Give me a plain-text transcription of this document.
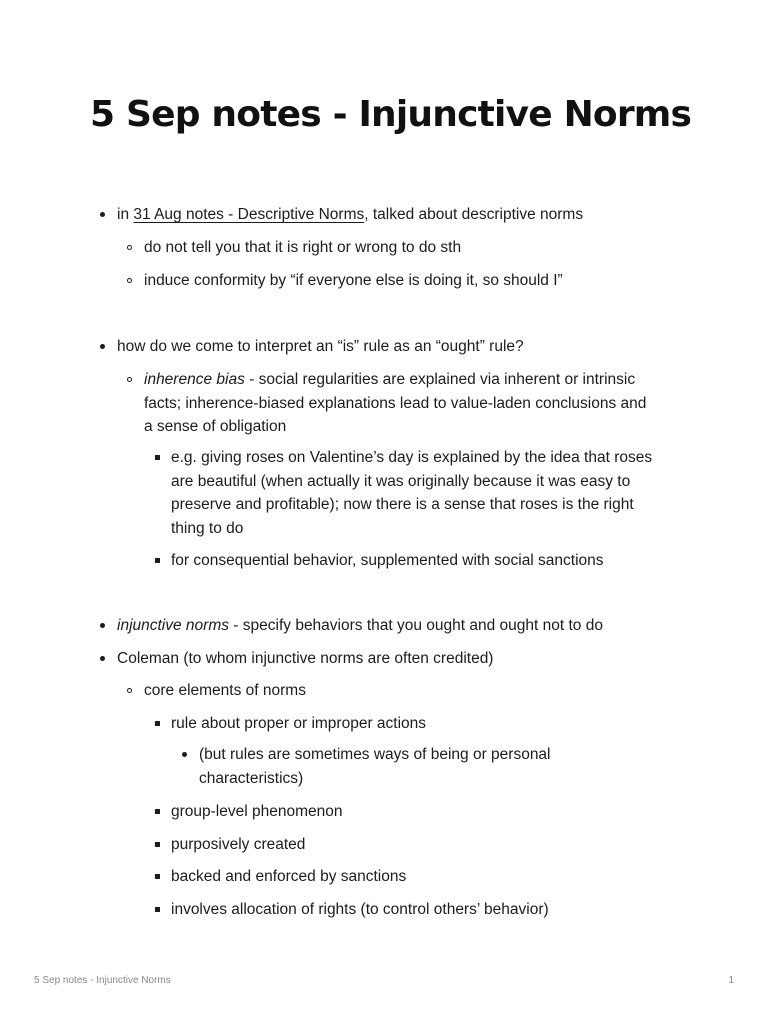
5 Sep notes - Injunctive Norms
in 31 Aug notes - Descriptive Norms, talked about descriptive norms
do not tell you that it is right or wrong to do sth
induce conformity by “if everyone else is doing it, so should I”
how do we come to interpret an “is” rule as an “ought” rule?
inherence bias - social regularities are explained via inherent or intrinsic
facts; inherence-biased explanations lead to value-laden conclusions and
a sense of obligation
e.g. giving roses on Valentine’s day is explained by the idea that roses
are beautiful (when actually it was originally because it was easy to
preserve and profitable); now there is a sense that roses is the right
thing to do
for consequential behavior, supplemented with social sanctions
injunctive norms - specify behaviors that you ought and ought not to do
Coleman (to whom injunctive norms are often credited)
core elements of norms
rule about proper or improper actions
(but rules are sometimes ways of being or personal
characteristics)
group-level phenomenon
purposively created
backed and enforced by sanctions
involves allocation of rights (to control others’ behavior)
5 Sep notes - Injunctive Norms	1
